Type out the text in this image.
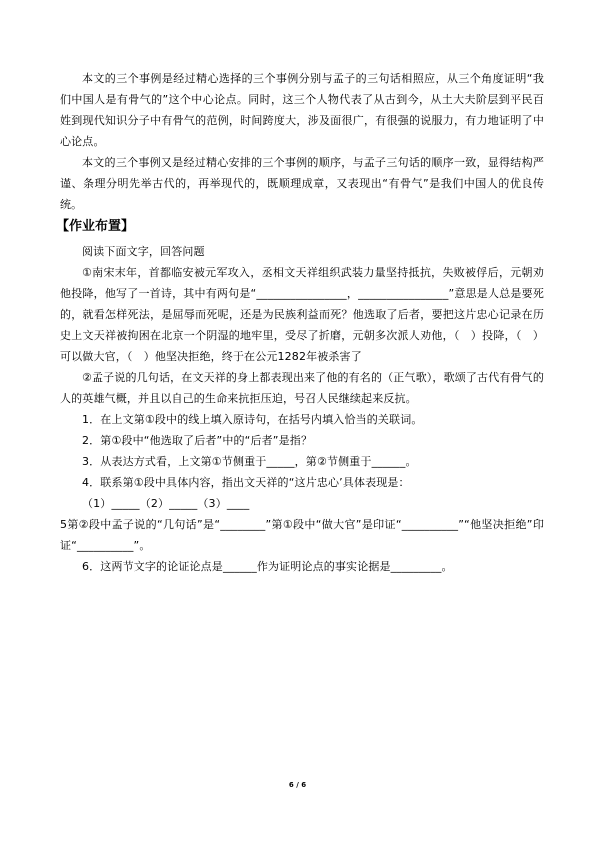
本文的三个事例是经过精心选择的三个事例分别与孟子的三句话相照应，从三个角度证明“我们中国人是有骨气的”这个中心论点。同时，这三个人物代表了从古到今，从土大夫阶层到平民百姓到现代知识分子中有骨气的范例，时间跨度大，涉及面很广，有很强的说服力，有力地证明了中心论点。

本文的三个事例又是经过精心安排的三个事例的顺序，与孟子三句话的顺序一致，显得结构严谨、条理分明先举古代的，再举现代的，既顺理成章，又表现出“有骨气”是我们中国人的优良传统。

【作业布置】

阅读下面文字，回答问题

①南宋末年，首都临安被元军攻入，丞相文天祥组织武装力量坚持抵抗，失败被俘后，元朝劝他投降，他写了一首诗，其中有两句是“________________，________________”意思是人总是要死的，就看怎样死法，是屈辱而死呢，还是为民族利益而死？他选取了后者，要把这片忠心记录在历史上文天祥被拘困在北京一个阴湿的地牢里，受尽了折磨，元朝多次派人劝他，（　）投降，（　）可以做大官，（　）他坚决拒绝，终于在公元1282年被杀害了

②孟子说的几句话，在文天祥的身上都表现出来了他的有名的（正气歌），歌颂了古代有骨气的人的英雄气概，并且以自己的生命来抗拒压迫，号召人民继续起来反抗。

1．在上文第①段中的线上填入原诗句，在括号内填入恰当的关联词。

2．第①段中“他选取了后者”中的“后者”是指？

3．从表达方式看，上文第①节侧重于_____，第②节侧重于______。

4．联系第①段中具体内容，指出文天祥的“这片忠心’具体表现是：

（1）_____（2）_____（3）____

5第②段中孟子说的“几句话”是“________”第①段中“做大官”是印证“__________”“他坚决拒绝”印证“__________”。

6．这两节文字的论证论点是______作为证明论点的事实论据是_________。

6 / 6
